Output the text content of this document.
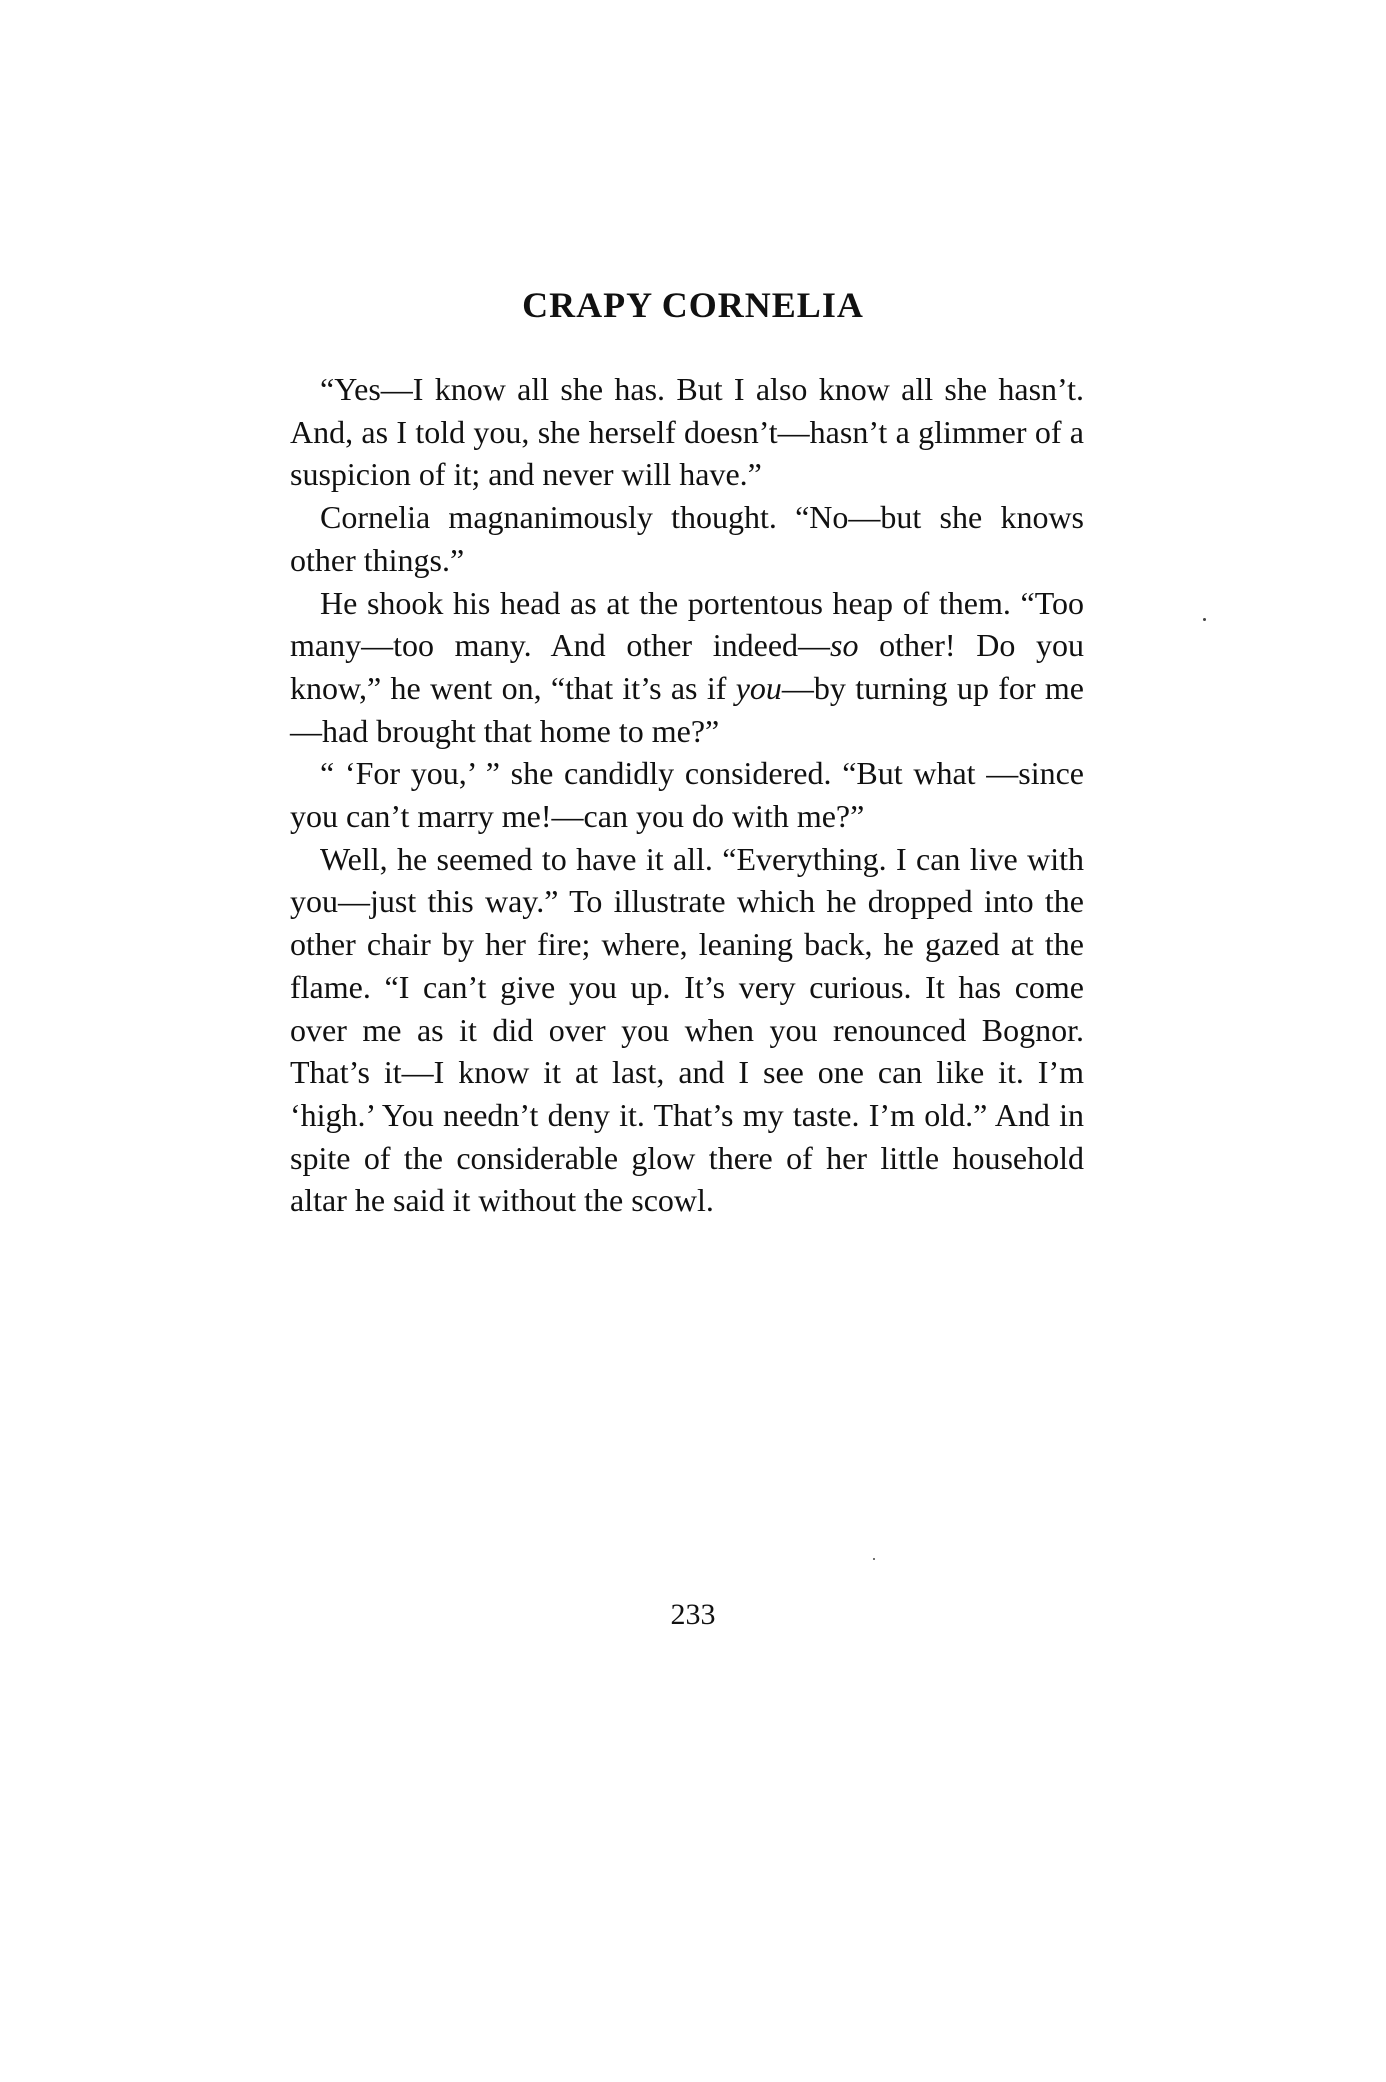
CRAPY CORNELIA

“Yes—I know all she has. But I also know all she hasn’t. And, as I told you, she herself doesn’t—hasn’t a glimmer of a suspicion of it; and never will have.”

Cornelia magnanimously thought. “No—but she knows other things.”

He shook his head as at the portentous heap of them. “Too many—too many. And other indeed—so other! Do you know,” he went on, “that it’s as if you—by turning up for me—had brought that home to me?”

“ ‘For you,’ ” she candidly considered. “But what —since you can’t marry me!—can you do with me?”

Well, he seemed to have it all. “Everything. I can live with you—just this way.” To illustrate which he dropped into the other chair by her fire; where, leaning back, he gazed at the flame. “I can’t give you up. It’s very curious. It has come over me as it did over you when you renounced Bognor. That’s it—I know it at last, and I see one can like it. I’m ‘high.’ You needn’t deny it. That’s my taste. I’m old.” And in spite of the considerable glow there of her little household altar he said it without the scowl.

233
